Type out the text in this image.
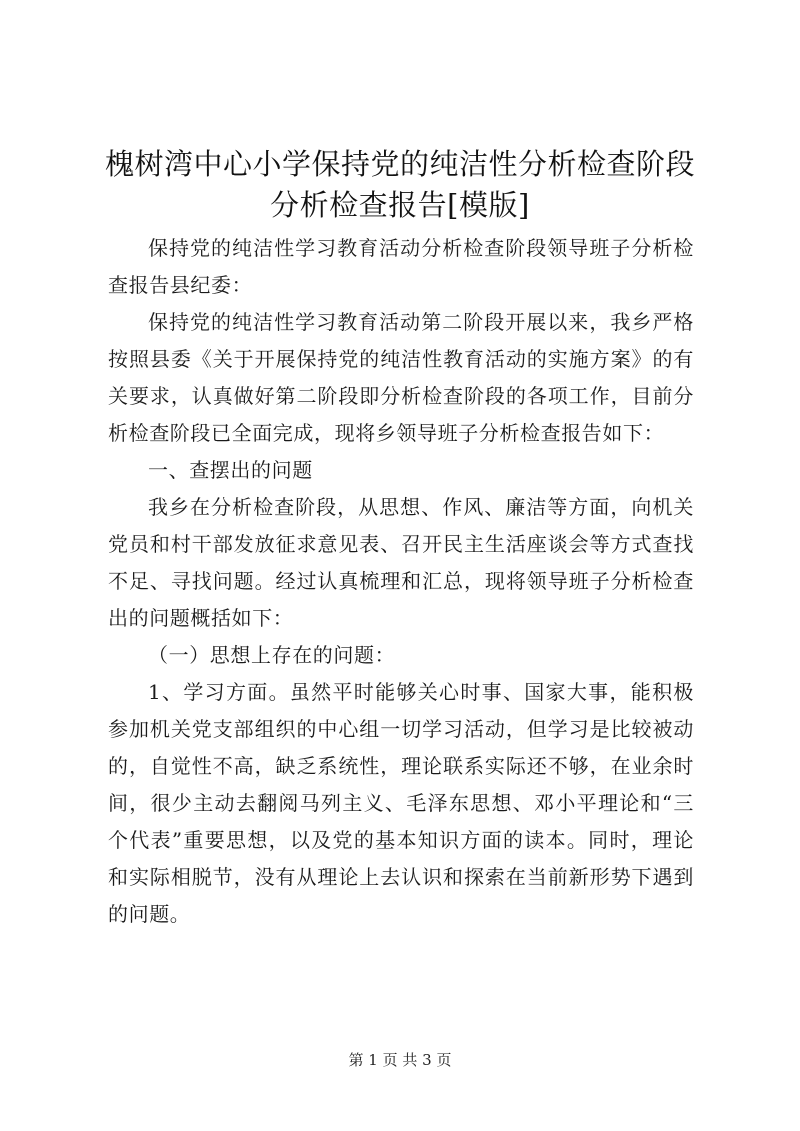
槐树湾中心小学保持党的纯洁性分析检查阶段
分析检查报告[模版]

保持党的纯洁性学习教育活动分析检查阶段领导班子分析检查报告县纪委：

保持党的纯洁性学习教育活动第二阶段开展以来，我乡严格按照县委《关于开展保持党的纯洁性教育活动的实施方案》的有关要求，认真做好第二阶段即分析检查阶段的各项工作，目前分析检查阶段已全面完成，现将乡领导班子分析检查报告如下：

一、查摆出的问题

我乡在分析检查阶段，从思想、作风、廉洁等方面，向机关党员和村干部发放征求意见表、召开民主生活座谈会等方式查找不足、寻找问题。经过认真梳理和汇总，现将领导班子分析检查出的问题概括如下：

（一）思想上存在的问题：

1、学习方面。虽然平时能够关心时事、国家大事，能积极参加机关党支部组织的中心组一切学习活动，但学习是比较被动的，自觉性不高，缺乏系统性，理论联系实际还不够，在业余时间，很少主动去翻阅马列主义、毛泽东思想、邓小平理论和“三个代表”重要思想，以及党的基本知识方面的读本。同时，理论和实际相脱节，没有从理论上去认识和探索在当前新形势下遇到的问题。

第 1 页 共 3 页
